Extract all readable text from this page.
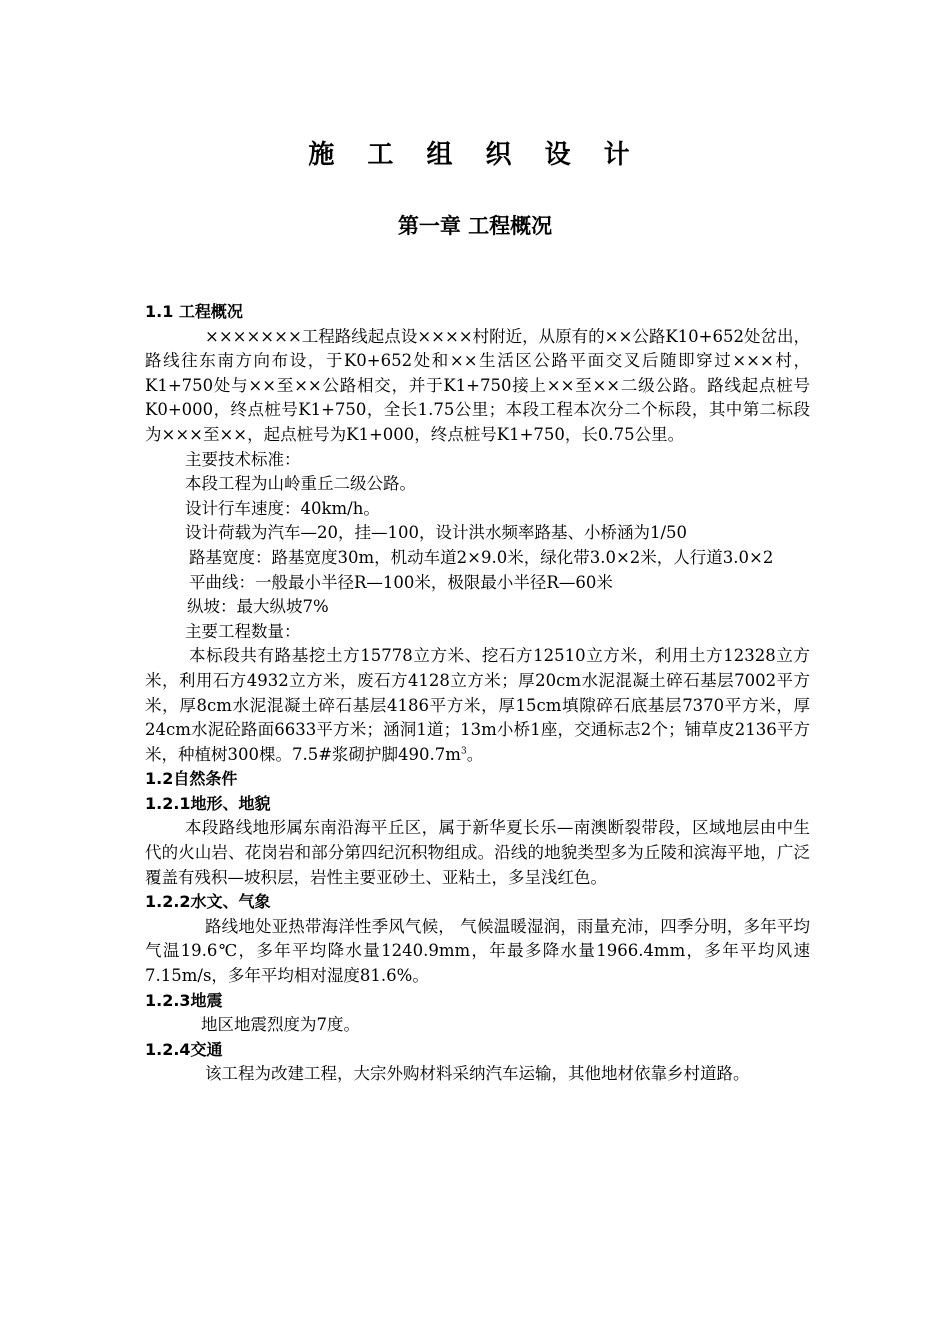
施 工 组 织 设 计
第一章 工程概况
1.1 工程概况
×××××××工程路线起点设××××村附近，从原有的××公路K10+652处岔出，路线往东南方向布设，于K0+652处和××生活区公路平面交叉后随即穿过×××村，K1+750处与××至××公路相交，并于K1+750接上××至××二级公路。路线起点桩号K0+000，终点桩号K1+750，全长1.75公里；本段工程本次分二个标段，其中第二标段为×××至××，起点桩号为K1+000，终点桩号K1+750，长0.75公里。
主要技术标准：
本段工程为山岭重丘二级公路。
设计行车速度：40km/h。
设计荷载为汽车—20，挂—100，设计洪水频率路基、小桥涵为1/50
路基宽度：路基宽度30m，机动车道2×9.0米，绿化带3.0×2米，人行道3.0×2
平曲线：一般最小半径R—100米，极限最小半径R—60米
纵坡：最大纵坡7%
主要工程数量：
本标段共有路基挖土方15778立方米、挖石方12510立方米，利用土方12328立方米，利用石方4932立方米，废石方4128立方米；厚20cm水泥混凝土碎石基层7002平方米，厚8cm水泥混凝土碎石基层4186平方米，厚15cm填隙碎石底基层7370平方米，厚24cm水泥砼路面6633平方米；涵洞1道；13m小桥1座，交通标志2个；铺草皮2136平方米，种植树300棵。7.5#浆砌护脚$490.7m^3$。
1.2自然条件
1.2.1地形、地貌
本段路线地形属东南沿海平丘区，属于新华夏长乐—南澳断裂带段，区域地层由中生代的火山岩、花岗岩和部分第四纪沉积物组成。沿线的地貌类型多为丘陵和滨海平地，广泛覆盖有残积—坡积层，岩性主要亚砂土、亚粘土，多呈浅红色。
1.2.2水文、气象
路线地处亚热带海洋性季风气候， 气候温暖湿润，雨量充沛，四季分明，多年平均气温19.6℃，多年平均降水量1240.9mm，年最多降水量1966.4mm，多年平均风速7.15m/s，多年平均相对湿度81.6%。
1.2.3地震
地区地震烈度为7度。
1.2.4交通
该工程为改建工程，大宗外购材料采纳汽车运输，其他地材依靠乡村道路。
